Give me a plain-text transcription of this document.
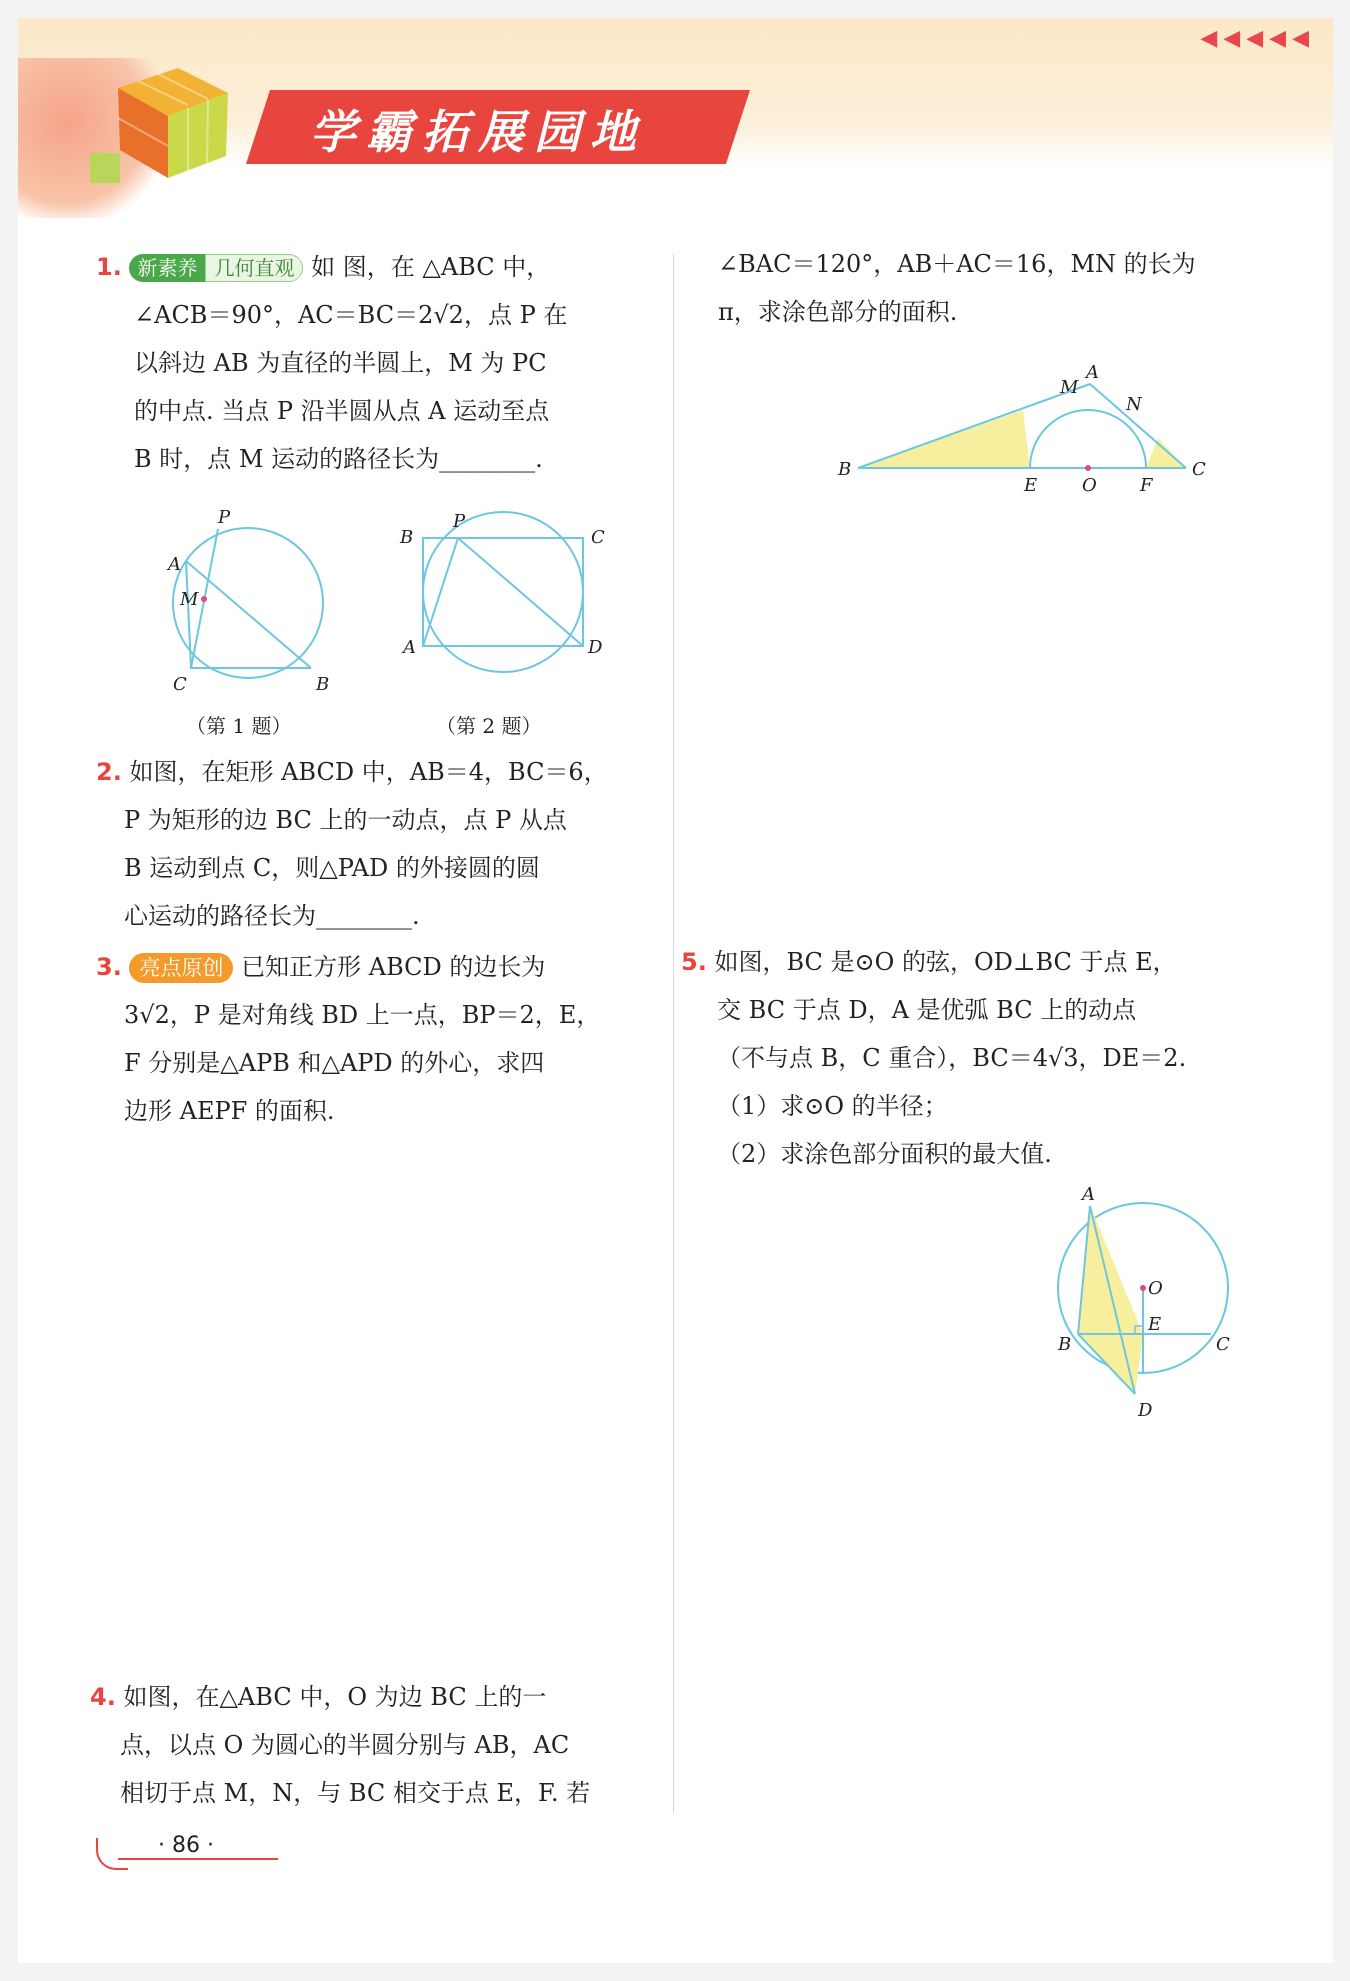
◀◀◀◀◀
学霸拓展园地
1. 新素养 几何直观 如 图，在 △ABC 中，
∠ACB＝90°，AC＝BC＝2√2，点 P 在
以斜边 AB 为直径的半圆上，M 为 PC
的中点. 当点 P 沿半圆从点 A 运动至点
B 时，点 M 运动的路径长为________.
P
A
M
C	B
（第 1 题）
B
P
C
A	D
（第 2 题）
2. 如图，在矩形 ABCD 中，AB＝4，BC＝6，
P 为矩形的边 BC 上的一动点，点 P 从点
B 运动到点 C，则△PAD 的外接圆的圆
心运动的路径长为________.
3. 亮点原创 已知正方形 ABCD 的边长为
3√2，P 是对角线 BD 上一点，BP＝2，E，
F 分别是△APB 和△APD 的外心，求四
边形 AEPF 的面积.
4. 如图，在△ABC 中，O 为边 BC 上的一
点，以点 O 为圆心的半圆分别与 AB，AC
相切于点 M，N，与 BC 相交于点 E，F. 若
∠BAC＝120°，AB＋AC＝16，MN 的长为
π，求涂色部分的面积.
M
A
N
B
E O F
C
5. 如图，BC 是⊙O 的弦，OD⊥BC 于点 E，
交 BC 于点 D，A 是优弧 BC 上的动点
（不与点 B，C 重合），BC＝4√3，DE＝2.
（1）求⊙O 的半径；
（2）求涂色部分面积的最大值.
A
O
E
B	C
D
· 86 ·
